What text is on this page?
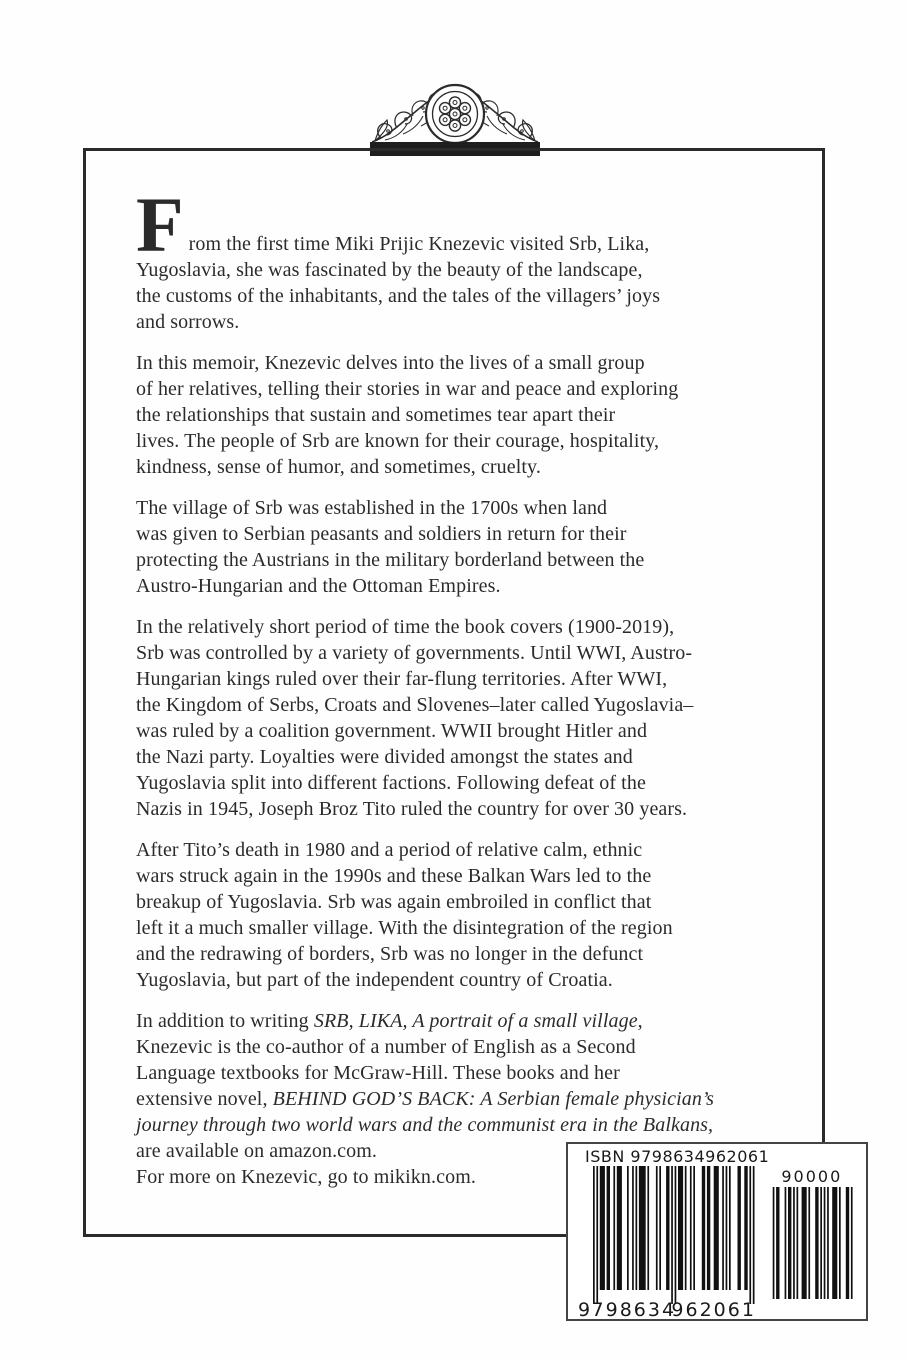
From the first time Miki Prijic Knezevic visited Srb, Lika,
Yugoslavia, she was fascinated by the beauty of the landscape,
the customs of the inhabitants, and the tales of the villagers’ joys
and sorrows.
In this memoir, Knezevic delves into the lives of a small group
of her relatives, telling their stories in war and peace and exploring
the relationships that sustain and sometimes tear apart their
lives. The people of Srb are known for their courage, hospitality,
kindness, sense of humor, and sometimes, cruelty.
The village of Srb was established in the 1700s when land
was given to Serbian peasants and soldiers in return for their
protecting the Austrians in the military borderland between the
Austro-Hungarian and the Ottoman Empires.
In the relatively short period of time the book covers (1900-2019),
Srb was controlled by a variety of governments. Until WWI, Austro-
Hungarian kings ruled over their far-flung territories. After WWI,
the Kingdom of Serbs, Croats and Slovenes–later called Yugoslavia–
was ruled by a coalition government. WWII brought Hitler and
the Nazi party. Loyalties were divided amongst the states and
Yugoslavia split into different factions. Following defeat of the
Nazis in 1945, Joseph Broz Tito ruled the country for over 30 years.
After Tito’s death in 1980 and a period of relative calm, ethnic
wars struck again in the 1990s and these Balkan Wars led to the
breakup of Yugoslavia. Srb was again embroiled in conflict that
left it a much smaller village. With the disintegration of the region
and the redrawing of borders, Srb was no longer in the defunct
Yugoslavia, but part of the independent country of Croatia.
In addition to writing SRB, LIKA, A portrait of a small village,
Knezevic is the co-author of a number of English as a Second
Language textbooks for McGraw-Hill. These books and her
extensive novel, BEHIND GOD’S BACK: A Serbian female physician’s
journey through two world wars and the communist era in the Balkans,
are available on amazon.com.
For more on Knezevic, go to mikikn.com.
ISBN 9798634962061
9 798634
962061
90000
